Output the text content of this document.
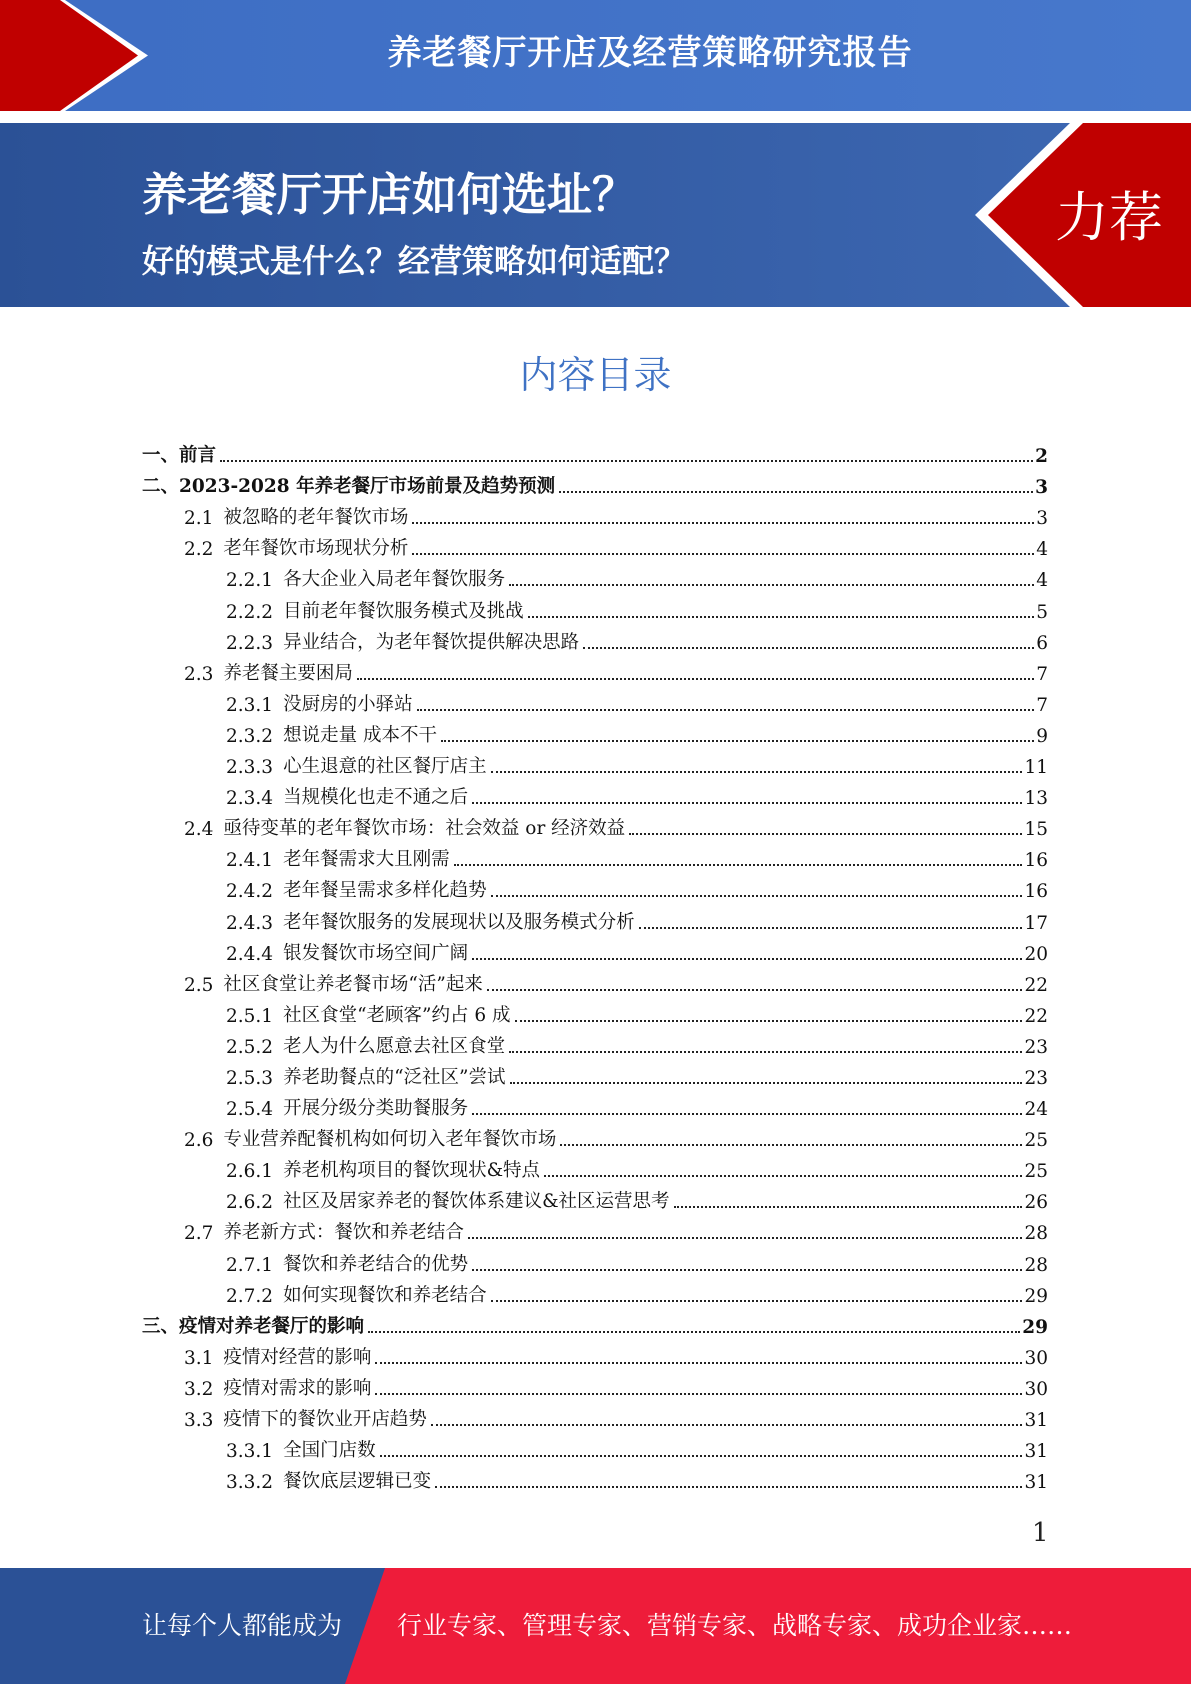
养老餐厅开店及经营策略研究报告
养老餐厅开店如何选址？
好的模式是什么？经营策略如何适配？
力荐
内容目录
一、 前言	2
二、 2023-2028 年养老餐厅市场前景及趋势预测	3
2.1 被忽略的老年餐饮市场	3
2.2 老年餐饮市场现状分析	4
2.2.1 各大企业入局老年餐饮服务	4
2.2.2 目前老年餐饮服务模式及挑战	5
2.2.3 异业结合，为老年餐饮提供解决思路	6
2.3 养老餐主要困局	7
2.3.1 没厨房的小驿站	7
2.3.2 想说走量 成本不干	9
2.3.3 心生退意的社区餐厅店主	11
2.3.4 当规模化也走不通之后	13
2.4 亟待变革的老年餐饮市场：社会效益 or 经济效益	15
2.4.1 老年餐需求大且刚需	16
2.4.2 老年餐呈需求多样化趋势	16
2.4.3 老年餐饮服务的发展现状以及服务模式分析	17
2.4.4 银发餐饮市场空间广阔	20
2.5 社区食堂让养老餐市场“活”起来	22
2.5.1 社区食堂“老顾客”约占 6 成	22
2.5.2 老人为什么愿意去社区食堂	23
2.5.3 养老助餐点的“泛社区”尝试	23
2.5.4 开展分级分类助餐服务	24
2.6 专业营养配餐机构如何切入老年餐饮市场	25
2.6.1 养老机构项目的餐饮现状&特点	25
2.6.2 社区及居家养老的餐饮体系建议&社区运营思考	26
2.7 养老新方式：餐饮和养老结合	28
2.7.1 餐饮和养老结合的优势	28
2.7.2 如何实现餐饮和养老结合	29
三、 疫情对养老餐厅的影响	29
3.1 疫情对经营的影响	30
3.2 疫情对需求的影响	30
3.3 疫情下的餐饮业开店趋势	31
3.3.1 全国门店数	31
3.3.2 餐饮底层逻辑已变	31
1
让每个人都能成为 行业专家、管理专家、营销专家、战略专家、成功企业家……
